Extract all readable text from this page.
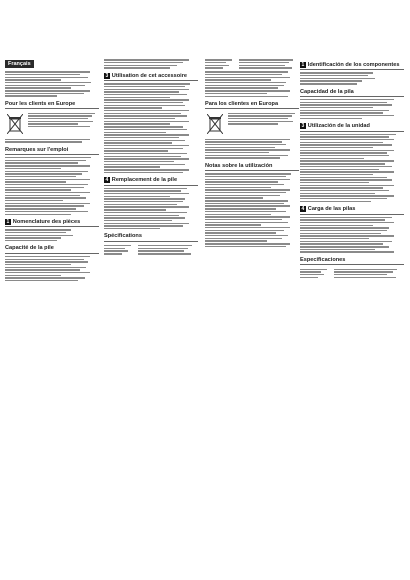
Français
Pour les clients en Europe
Remarques sur l'emploi
1 Nomenclature des pièces
Capacité de la pile
3 Utilisation de cet accessoire
4 Remplacement de la pile
Spécifications
Para los clientes en Europa
Notas sobre la utilización
1 Identificación de los componentes
Capacidad de la pila
3 Utilización de la unidad
4 Carga de las pilas
Especificaciones
